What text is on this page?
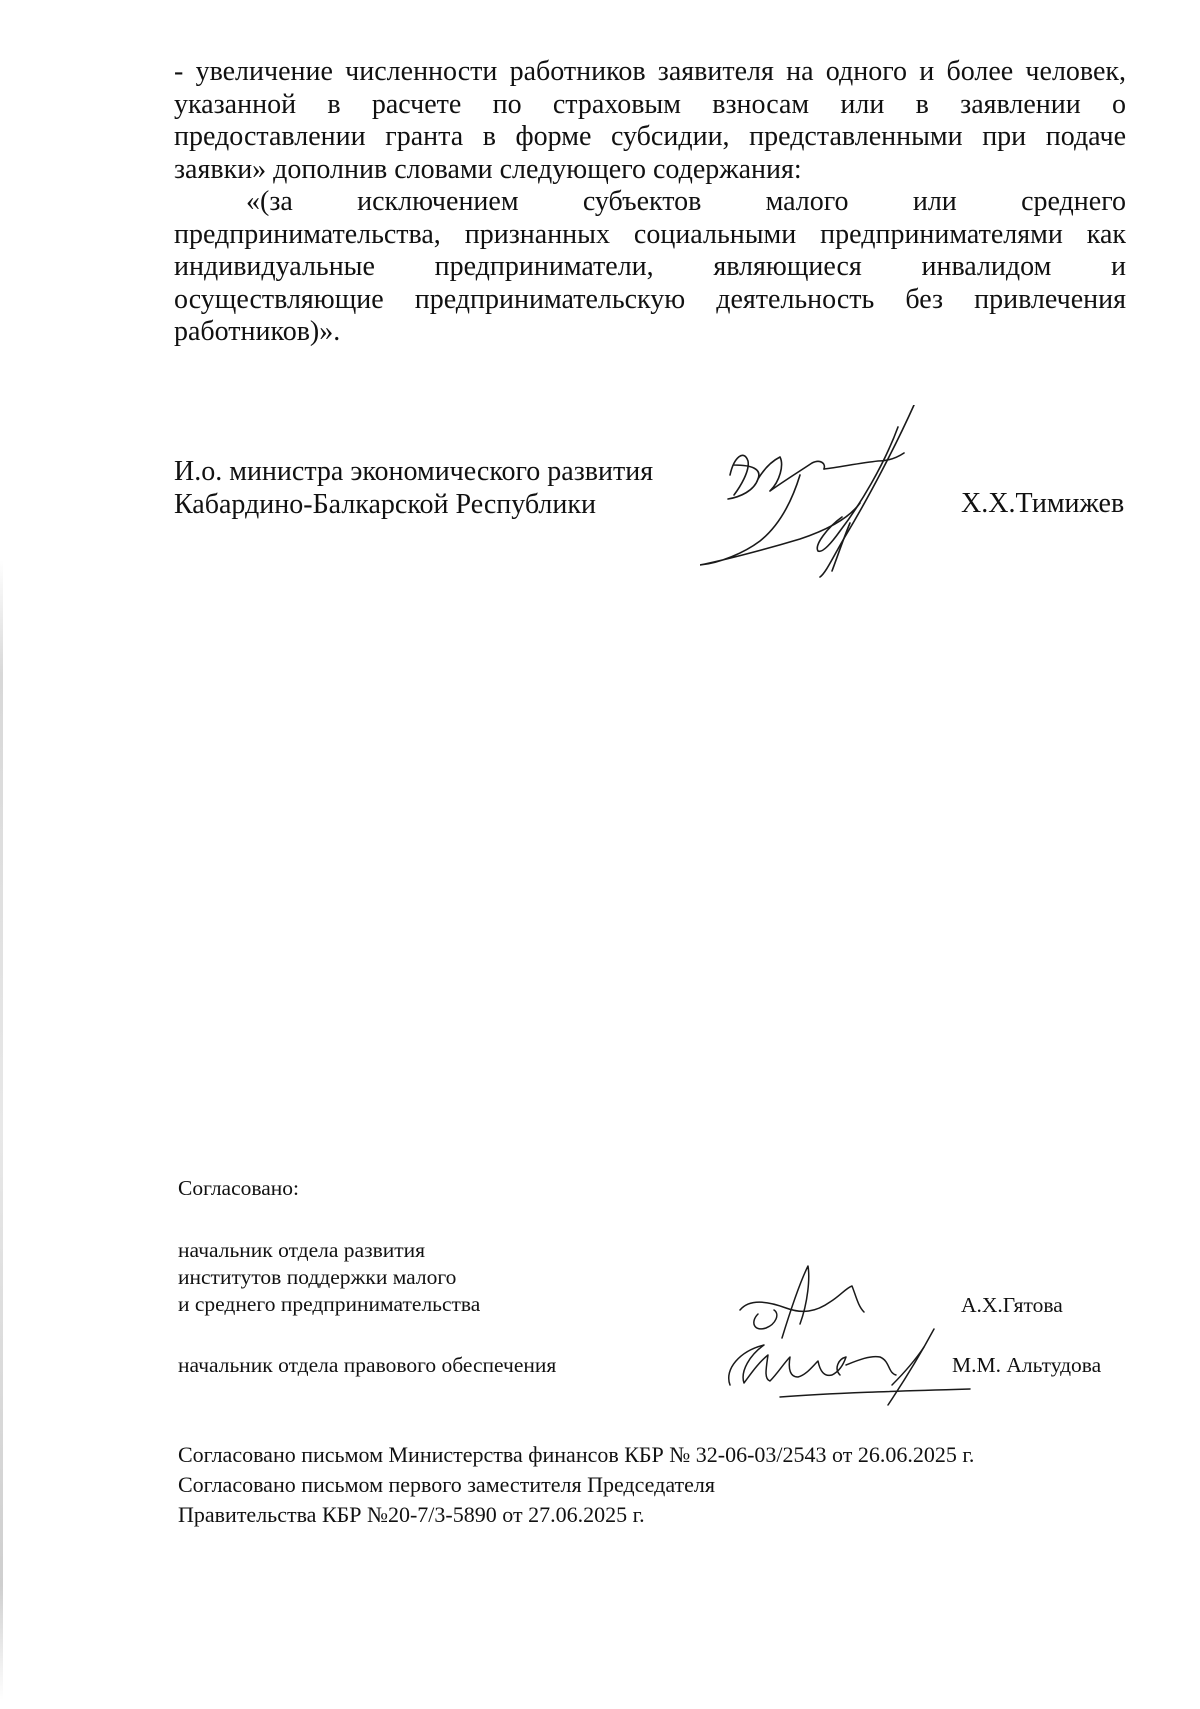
- увеличение численности работников заявителя на одного и более человек,
указанной в расчете по страховым взносам или в заявлении о
предоставлении гранта в форме субсидии, представленными при подаче
заявки» дополнив словами следующего содержания:
«(за исключением субъектов малого или среднего
предпринимательства, признанных социальными предпринимателями как
индивидуальные предприниматели, являющиеся инвалидом и
осуществляющие предпринимательскую деятельность без привлечения
работников)».
И.о. министра экономического развития
Кабардино-Балкарской Республики	Х.Х.Тимижев
Согласовано:
начальник отдела развития
институтов поддержки малого
и среднего предпринимательства	А.Х.Гятова
начальник отдела правового обеспечения	М.М. Альтудова
Согласовано письмом Министерства финансов КБР № 32-06-03/2543 от 26.06.2025 г.
Согласовано письмом первого заместителя Председателя
Правительства КБР №20-7/3-5890 от 27.06.2025 г.
